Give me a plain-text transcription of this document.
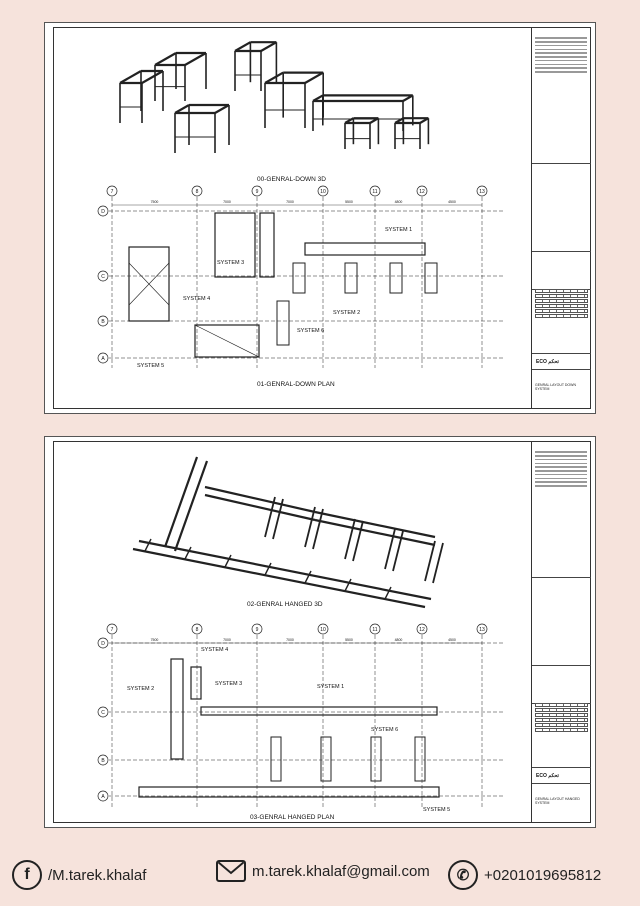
7	8	9	10	11	12	13
7500	7000	7000	5500	4800	4500
D
C
B
A
SYSTEM 1
SYSTEM 2
SYSTEM 3
SYSTEM 4
SYSTEM 5
SYSTEM 6
00-GENRAL-DOWN 3D
01-GENRAL-DOWN PLAN
ECO تحكم
GENRAL LAYOUT DOWN SYSTEM
7	8	9	10	11	12	13
7500	7000	7000	5500	4800	4500
D
C
B
A
SYSTEM 1
SYSTEM 2
SYSTEM 3
SYSTEM 4
SYSTEM 5
SYSTEM 6
02-GENRAL HANGED 3D
03-GENRAL HANGED PLAN
ECO تحكم
GENRAL LAYOUT HANGED SYSTEM
f	/M.tarek.khalaf	m.tarek.khalaf@gmail.com	✆ +0201019695812
